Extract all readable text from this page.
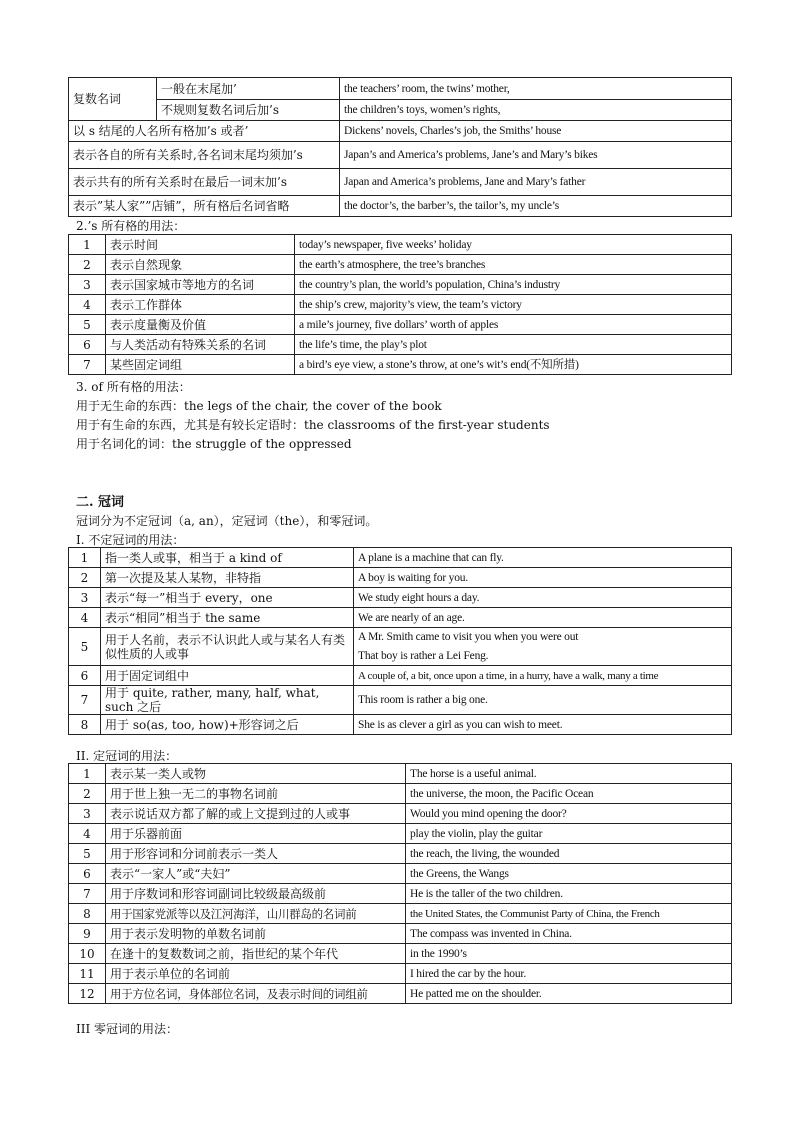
复数名词	一般在末尾加’	the teachers’ room, the twins’ mother,
	不规则复数名词后加’s	the children’s toys, women’s rights,
以 s 结尾的人名所有格加’s 或者’		Dickens’ novels, Charles’s job, the Smiths’ house
表示各自的所有关系时,各名词末尾均须加’s		Japan’s and America’s problems, Jane’s and Mary’s bikes
表示共有的所有关系时在最后一词末加’s		Japan and America’s problems, Jane and Mary’s father
表示”某人家””店铺”，所有格后名词省略		the doctor’s, the barber’s, the tailor’s, my uncle’s
2.’s 所有格的用法：
1	表示时间	today’s newspaper, five weeks’ holiday
2	表示自然现象	the earth’s atmosphere, the tree’s branches
3	表示国家城市等地方的名词	the country’s plan, the world’s population, China’s industry
4	表示工作群体	the ship’s crew, majority’s view, the team’s victory
5	表示度量衡及价值	a mile’s journey, five dollars’ worth of apples
6	与人类活动有特殊关系的名词	the life’s time, the play’s plot
7	某些固定词组	a bird’s eye view, a stone’s throw, at one’s wit’s end(不知所措)
3. of 所有格的用法：
用于无生命的东西：the legs of the chair, the cover of the book
用于有生命的东西，尤其是有较长定语时：the classrooms of the first-year students
用于名词化的词：the struggle of the oppressed
二. 冠词
冠词分为不定冠词（a, an），定冠词（the），和零冠词。
I. 不定冠词的用法：
1	指一类人或事，相当于 a kind of	A plane is a machine that can fly.
2	第一次提及某人某物，非特指	A boy is waiting for you.
3	表示“每一”相当于 every，one	We study eight hours a day.
4	表示“相同”相当于 the same	We are nearly of an age.
5	用于人名前，表示不认识此人或与某名人有类似性质的人或事	A Mr. Smith came to visit you when you were out
That boy is rather a Lei Feng.

6	用于固定词组中	A couple of, a bit, once upon a time, in a hurry, have a walk, many a time
7	用于 quite, rather, many, half, what, such 之后	This room is rather a big one.
8	用于 so(as, too, how)+形容词之后	She is as clever a girl as you can wish to meet.
II. 定冠词的用法：
1	表示某一类人或物	The horse is a useful animal.
2	用于世上独一无二的事物名词前	the universe, the moon, the Pacific Ocean
3	表示说话双方都了解的或上文提到过的人或事	Would you mind opening the door?
4	用于乐器前面	play the violin, play the guitar
5	用于形容词和分词前表示一类人	the reach, the living, the wounded
6	表示“一家人”或“夫妇”	the Greens, the Wangs
7	用于序数词和形容词副词比较级最高级前	He is the taller of the two children.
8	用于国家党派等以及江河海洋，山川群岛的名词前	the United States, the Communist Party of China, the French
9	用于表示发明物的单数名词前	The compass was invented in China.
10	在逢十的复数数词之前，指世纪的某个年代	in the 1990’s
11	用于表示单位的名词前	I hired the car by the hour.
12	用于方位名词，身体部位名词，及表示时间的词组前	He patted me on the shoulder.
III 零冠词的用法：
